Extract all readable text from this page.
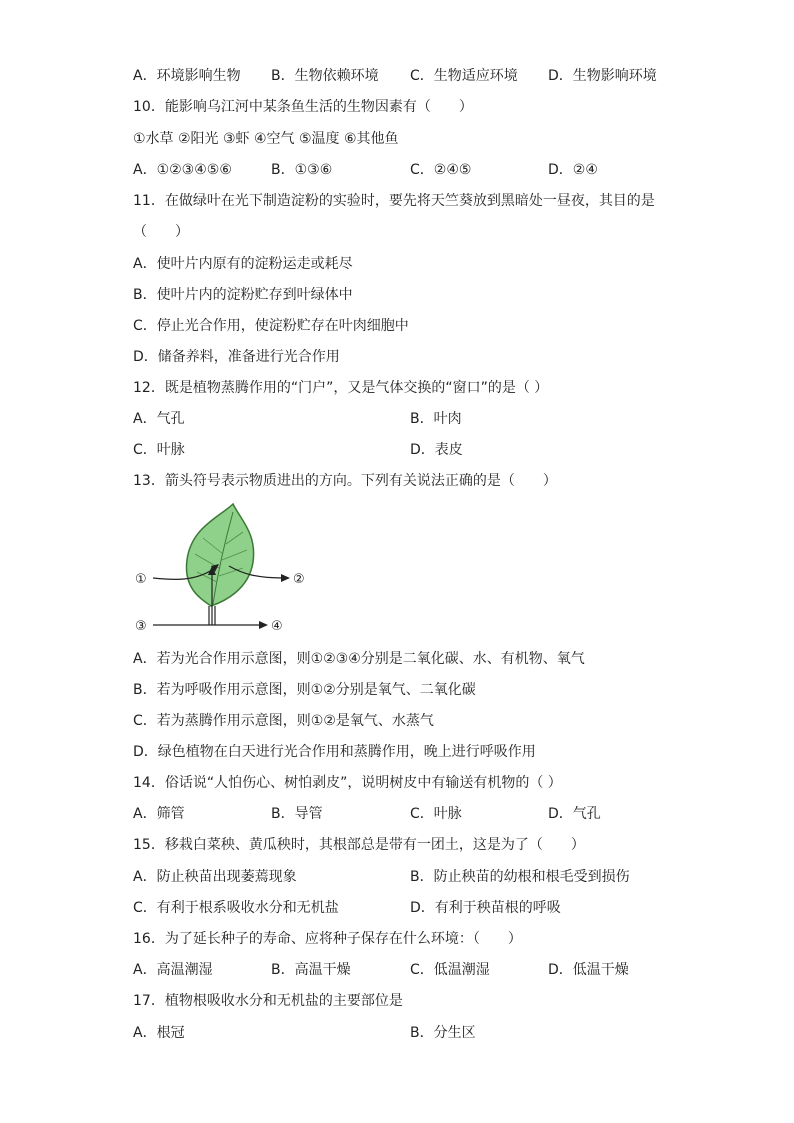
A．环境影响生物 B．生物依赖环境 C．生物适应环境 D．生物影响环境
10．能影响乌江河中某条鱼生活的生物因素有（　　）
①水草 ②阳光 ③虾 ④空气 ⑤温度 ⑥其他鱼
A．①②③④⑤⑥	B．①③⑥	C．②④⑤	D．②④
11．在做绿叶在光下制造淀粉的实验时，要先将天竺葵放到黑暗处一昼夜，其目的是
（　　）
A．使叶片内原有的淀粉运走或耗尽
B．使叶片内的淀粉贮存到叶绿体中
C．停止光合作用，使淀粉贮存在叶肉细胞中
D．储备养料，准备进行光合作用
12．既是植物蒸腾作用的“门户”，又是气体交换的“窗口”的是（ ）
A．气孔	B．叶肉
C．叶脉	D．表皮
13．箭头符号表示物质进出的方向。下列有关说法正确的是（　　）
①	②
③	④
A．若为光合作用示意图，则①②③④分别是二氧化碳、水、有机物、氧气
B．若为呼吸作用示意图，则①②分别是氧气、二氧化碳
C．若为蒸腾作用示意图，则①②是氧气、水蒸气
D．绿色植物在白天进行光合作用和蒸腾作用，晚上进行呼吸作用
14．俗话说“人怕伤心、树怕剥皮”，说明树皮中有输送有机物的（ ）
A．筛管	B．导管	C．叶脉	D．气孔
15．移栽白菜秧、黄瓜秧时，其根部总是带有一团土，这是为了（　　）
A．防止秧苗出现萎蔫现象	B．防止秧苗的幼根和根毛受到损伤
C．有利于根系吸收水分和无机盐	D．有利于秧苗根的呼吸
16．为了延长种子的寿命、应将种子保存在什么环境：（　　）
A．高温潮湿	B．高温干燥	C．低温潮湿	D．低温干燥
17．植物根吸收水分和无机盐的主要部位是
A．根冠	B．分生区
